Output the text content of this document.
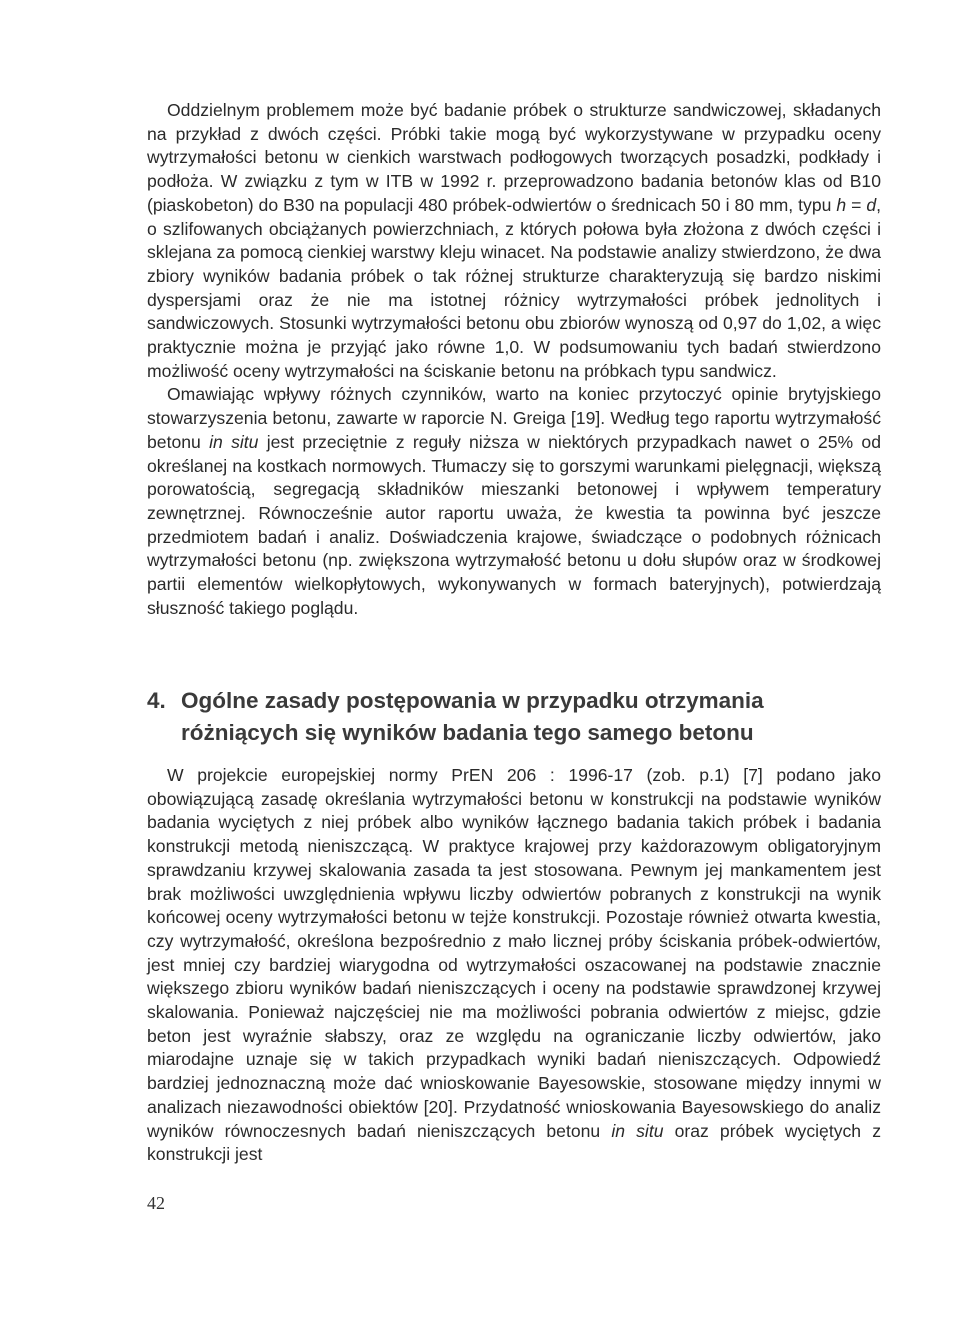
Oddzielnym problemem może być badanie próbek o strukturze sandwiczowej, składanych na przykład z dwóch części. Próbki takie mogą być wykorzystywane w przypadku oceny wytrzymałości betonu w cienkich warstwach podłogowych tworzących posadzki, podkłady i podłoża. W związku z tym w ITB w 1992 r. przeprowadzono badania betonów klas od B10 (piaskobeton) do B30 na populacji 480 próbek-odwiertów o średnicach 50 i 80 mm, typu h = d, o szlifowanych obciążanych powierzchniach, z których połowa była złożona z dwóch części i sklejana za pomocą cienkiej warstwy kleju winacet. Na podstawie analizy stwierdzono, że dwa zbiory wyników badania próbek o tak różnej strukturze charakteryzują się bardzo niskimi dyspersjami oraz że nie ma istotnej różnicy wytrzymałości próbek jednolitych i sandwiczowych. Stosunki wytrzymałości betonu obu zbiorów wynoszą od 0,97 do 1,02, a więc praktycznie można je przyjąć jako równe 1,0. W podsumowaniu tych badań stwierdzono możliwość oceny wytrzymałości na ściskanie betonu na próbkach typu sandwicz.

Omawiając wpływy różnych czynników, warto na koniec przytoczyć opinie brytyjskiego stowarzyszenia betonu, zawarte w raporcie N. Greiga [19]. Według tego raportu wytrzymałość betonu in situ jest przeciętnie z reguły niższa w niektórych przypadkach nawet o 25% od określanej na kostkach normowych. Tłumaczy się to gorszymi warunkami pielęgnacji, większą porowatością, segregacją składników mieszanki betonowej i wpływem temperatury zewnętrznej. Równocześnie autor raportu uważa, że kwestia ta powinna być jeszcze przedmiotem badań i analiz. Doświadczenia krajowe, świadczące o podobnych różnicach wytrzymałości betonu (np. zwiększona wytrzymałość betonu u dołu słupów oraz w środkowej partii elementów wielkopłytowych, wykonywanych w formach bateryjnych), potwierdzają słuszność takiego poglądu.

4. Ogólne zasady postępowania w przypadku otrzymania
różniących się wyników badania tego samego betonu

W projekcie europejskiej normy PrEN 206 : 1996-17 (zob. p.1) [7] podano jako obowiązującą zasadę określania wytrzymałości betonu w konstrukcji na podstawie wyników badania wyciętych z niej próbek albo wyników łącznego badania takich próbek i badania konstrukcji metodą nieniszczącą. W praktyce krajowej przy każdorazowym obligatoryjnym sprawdzaniu krzywej skalowania zasada ta jest stosowana. Pewnym jej mankamentem jest brak możliwości uwzględnienia wpływu liczby odwiertów pobranych z konstrukcji na wynik końcowej oceny wytrzymałości betonu w tejże konstrukcji. Pozostaje również otwarta kwestia, czy wytrzymałość, określona bezpośrednio z mało licznej próby ściskania próbek-odwiertów, jest mniej czy bardziej wiarygodna od wytrzymałości oszacowanej na podstawie znacznie większego zbioru wyników badań nieniszczących i oceny na podstawie sprawdzonej krzywej skalowania. Ponieważ najczęściej nie ma możliwości pobrania odwiertów z miejsc, gdzie beton jest wyraźnie słabszy, oraz ze względu na ograniczanie liczby odwiertów, jako miarodajne uznaje się w takich przypadkach wyniki badań nieniszczących. Odpowiedź bardziej jednoznaczną może dać wnioskowanie Bayesowskie, stosowane między innymi w analizach niezawodności obiektów [20]. Przydatność wnioskowania Bayesowskiego do analiz wyników równoczesnych badań nieniszczących betonu in situ oraz próbek wyciętych z konstrukcji jest

42
